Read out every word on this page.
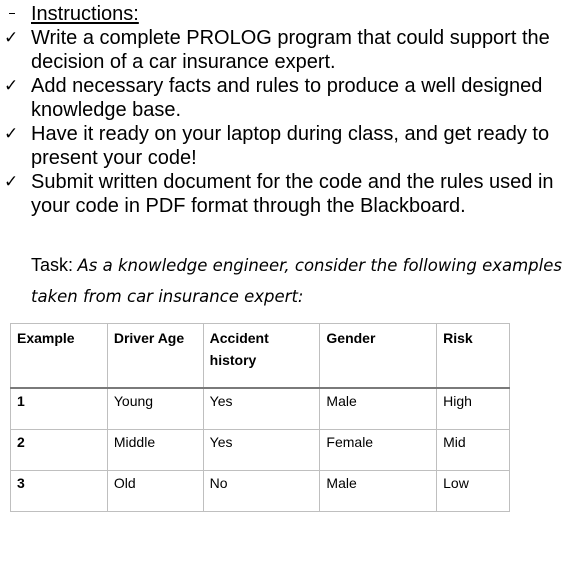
Instructions:
✓ Write a complete PROLOG program that could support the decision of a car insurance expert.
✓ Add necessary facts and rules to produce a well designed knowledge base.
✓ Have it ready on your laptop during class, and get ready to present your code!
✓ Submit written document for the code and the rules used in your code in PDF format through the Blackboard.
Task: As a knowledge engineer, consider the following examples taken from car insurance expert:
Example	Driver Age	Accident history	Gender	Risk
1	Young	Yes	Male	High
2	Middle	Yes	Female	Mid
3	Old	No	Male	Low
